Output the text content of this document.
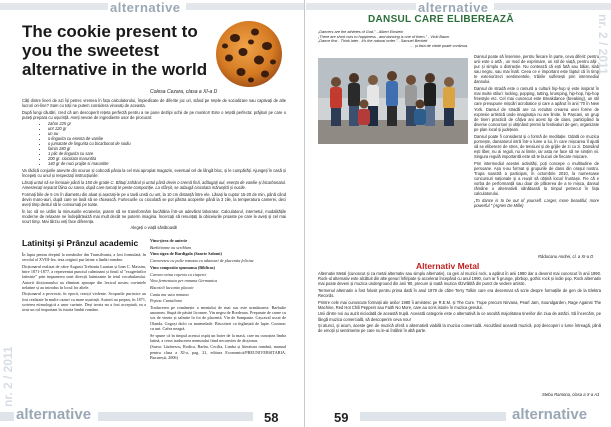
alternative
nr. 2 / 2011
The cookie present to you the sweetest alternative in the world
Colesa Cezara, clasa a XI-a D

Câți dintre lineri de azi își petrec vremea în fața calculatorului, împiedicate de diferite joc uri, stând pe rețele de socializare sau captivați de alte lucruri on-line? Sam cu toții ne putem considera vinovați de aceasta.

După lungi căutări, cred că am descoperit rețeta perfectă pentru a ne pune dezlipi ochii de pe monitor! Este o rețetă perfecta: prăjituri pe care o puteți prepara cu ușurință. Aveți nevoie de ingrediente usor de procurat:

• zahar 225 gr
• unt 120 gr
• un ou
• o lingurita cu esenta de vanilie
• o jumatate de lingurita cu bicarbonat de sodiu
• fainia 180 gr
• 1 plic de lingurita cu sare
• 200 gr. ciocolata maruntita
• 140 gr de nuci prajite si maruntite

Va rădică conjurile anevrte din scurun și cobcotă pânia la cel mai apropiat magazin, eventual cel de lângă bloc, și le cumpărăți. Ajungeți în casă și începeți cu unul și respectați instrucțiunile:

Lăsați untul să se înmoaie până la 150 de grade C. Bătuți zahărul și untul până devin o cremă fină, adăugați oul, esența de vanilie și bicarbonatul. Amestecați separat făina cu sarea, după care turnați le peste compoziție. La sfârșit, se adaugă ciocolata mărunțită și nucile.

Formați bile de 5 cm în diametru din aluat și așezați-le pe o tavă unsă cu unt, la 10 cm distanță între ele. Lăsați la cuptor 15-20 de min, până când devin maro-auri, după care se lasă să se răcească. Furtecurile cu ciocolată se pot păstra acoperite până la 3 zile, la temperatura camerei, deci aveți timp destul să le consumați pe toate.

În loc să ne uităm la minusurile ecranelor, putem să ne transformăm bucătăria într-un adevărat laborator. Calculatorul, internetul, modalitățile moderne de relaxare ne îndepărtează mai mult decât ne puterm imagina. Încercați să renunțați la obiceiurile proaste pe care le aveți și cel mai scurt timp. Mai târziu veți face diferența.

Alegeți o viață sănătoasă!

Latinitşi şi Prânzul academic

În lupta pentru dreptul la românilor din Transilvania, a fost formulată, în secolul al XVIII-lea, teza originii pur latine a limbii române.

Dicționarul realizat de către Augusti Treboniu Laurian și Ioan C. Massim, între 1871-1877, a reprezentat punctul culminant și finsil al "exagerărilor latiniste" prin impunerea unei direcții latinizante în tetul vocabularului. Autorii dicționarului au eliminat aproape din lexicul nostru cuvintele nelatine și au introdus în locul lor altele.

Dicționarul a provocat, în epocă, reacții violente. Scopurile puristice au fost realizate în multe cazuri cu mare ușurință. Autorii au propus, în 1871, scrierea etimologică a unor cuvinte. Deși teoria nu a fost acceptată, ea a avut un rol important în istoria limbii române.

Vinu-ţirra de antecie

Barbitionne ou scriblum

Vinu sigra de Burdigala (Sancte Salomi)

Carnerescu cu pulie romana cu adaosuri de placentia feliciae

Vinu composito spumansa (Biblicas)

Carnea ovina coperta cu ciuperci

Vinu fermentata per romana Germanica

Biscoteli laccanto placate

Cantu ma vuta romana

Popesc Cantaliono

Traducerea pe românește a meniului de mai sus este următoarea: Barbulie anoarom. Stupă de păsări liconare. Vin negru de Bordeaux. Preparate de carne cu sos de vinete și salmite în foi de placentă. Vin de Sampanie. Cașcaval uscat de Olanda. Gogoși dulci cu marmelade. Biscotteri cu înghețată de lapte. Cozonac cu unt. Cafea neagră.

Se spune că în timpul acestui ospăț un boier de la masă, care nu cunoștea limba latină, a cerut traducerea menuiului fiind neconvins de dicționar.

(Sursa: Lăzărescu, Rodica, Barbu, Cecilia, Limba și literatura română, manual pentru clasa a XI-a, pag. 21, editura Economică/PREUNIVERSITARIA, București, 2006)

alternative	58
alternative
nr. 2 / 2011
DANSUL CARE ELIBEREAZĂ
„Dancers are the athletes of God." - Albert Einstein
„There are short cuts to happiness , and dancing is one of them." - Vicki Baum
„Dance first . Think later . It's the natural order." - Samuel Beckett
… și lista de citate poate continua.

Dansul poate să însemne, pentru fiecare în parte, ceva diferit: pentru unii este o artă , un mod de exprimare, un stil de viață, pentru alții , pur și simplu o distracție. Nu contează că ești fată sau băiat, slab sau negru, sau mai înalt. Ceea ce e important este faptul că în timp te exteriorizezi sentimentele, trăirile sufletești prin intermediul dansului.

Dansul de stradă este o ramură a culturii hip-hop și este inspirat în mai multe stiluri: locking, popping, tutting, krumping, hip-hop, hip-hop freestyle etc. Cel mai cunoscut este Breakdance (breaking), un stil care presupune mișcări acrobatice și care a apărut în anii '70 în New York. Dansul de stradă are ca rezultat crearea unei forme de expresie artistică unde imaginația nu are limite. În Pașcani, un grup de tineri practică de câțiva ani acest tip de dans, participând la diverse concursuri și obținând premii la festivaluri de gen, organizate pe plan local și județean.

Dansul poate fi considerat și o formă de meditație. Odată ce muzica pornește, dansatorul intră într-o lume a lui, în care mișcarea îl ajută să se elibereze de stres, de tensiuni și de grijile de zi cu zi. Dansând ești liber, nu ai reguli, nu ai limite, iar asta ne face să ne simțim vii. Singura regulă importantă este să te bucuri de fiecare mișcare.

Prin intermediul acestei activități, poți concepe o multitudine de persoane. Așa s-au format și grupurile de dans din orașul nostru. Trupa noastră a participat, în octombrie 2010, la numeroase concursuri naționale și a reușit să obțină locuri fruntașe. Fie că e vorba de performanță sau doar de plăcerea de a te mișca, dansul rămâne o alternativă sănătoasă la timpul petrecut în fața calculatorului.

„To dance is to be out of yourself. Larger, more beautiful, more powerful." (Agnes De Mille)

Răducanu Andrei, cl. a XI-a D
Alternativ Metal

Alternativ Metal (cunoscut și ca metal alternativ sau simplu alternativ), ca gen al muzicii rock, a apărut în anii 1980 dar a devenit mai cunoscut în anii 1990. Rock-ul alternativ este alcătuit din alte genuri înfiripate și accelerat începând cu anul 1990, cum ar fi grunge, pbrbop, gothic rock și indie pop. Rock alternativ mai poate deveni și muzica underground din anii '80, precum și toată muzica răzvrătită din punct de vedere artistic.

Termenul alternativ a fost folosit pentru prima dată în anul 1979 de către Terry Tolkin care era desemnat să scrie despre formațiile de gen de la Elektra Records.

Printre cele mai cunoscute formații ale anilor 1980 îi amintesc pe R.E.M. și The Cure. Trupe precum Nirvana, Pearl Jam, Soundgarden, Rage Against The Machine, Red Hot Chili Peppers sau Faith No More, care au scris istorie în muzica genului.

Unii dintre noi au auzit niciodată de această trupă. Această categorie este o alternativă la ce ascultă majoritatea tinerilor din ziua de astăzi. Să încercăm, pe lângă muzica comercială, să descoperim ceva nou!

Și atunci, și acum, aceste gen de muzică oferă o alternativă viabilă la muzica comercială. Ascultând această muzică, poți descoperi o lume întreagă, plină de emoții și sentimente pe care nu le-ai întâlnit în altă parte.

Stebu Ramona, clasa a X-a A1
59	alternative
